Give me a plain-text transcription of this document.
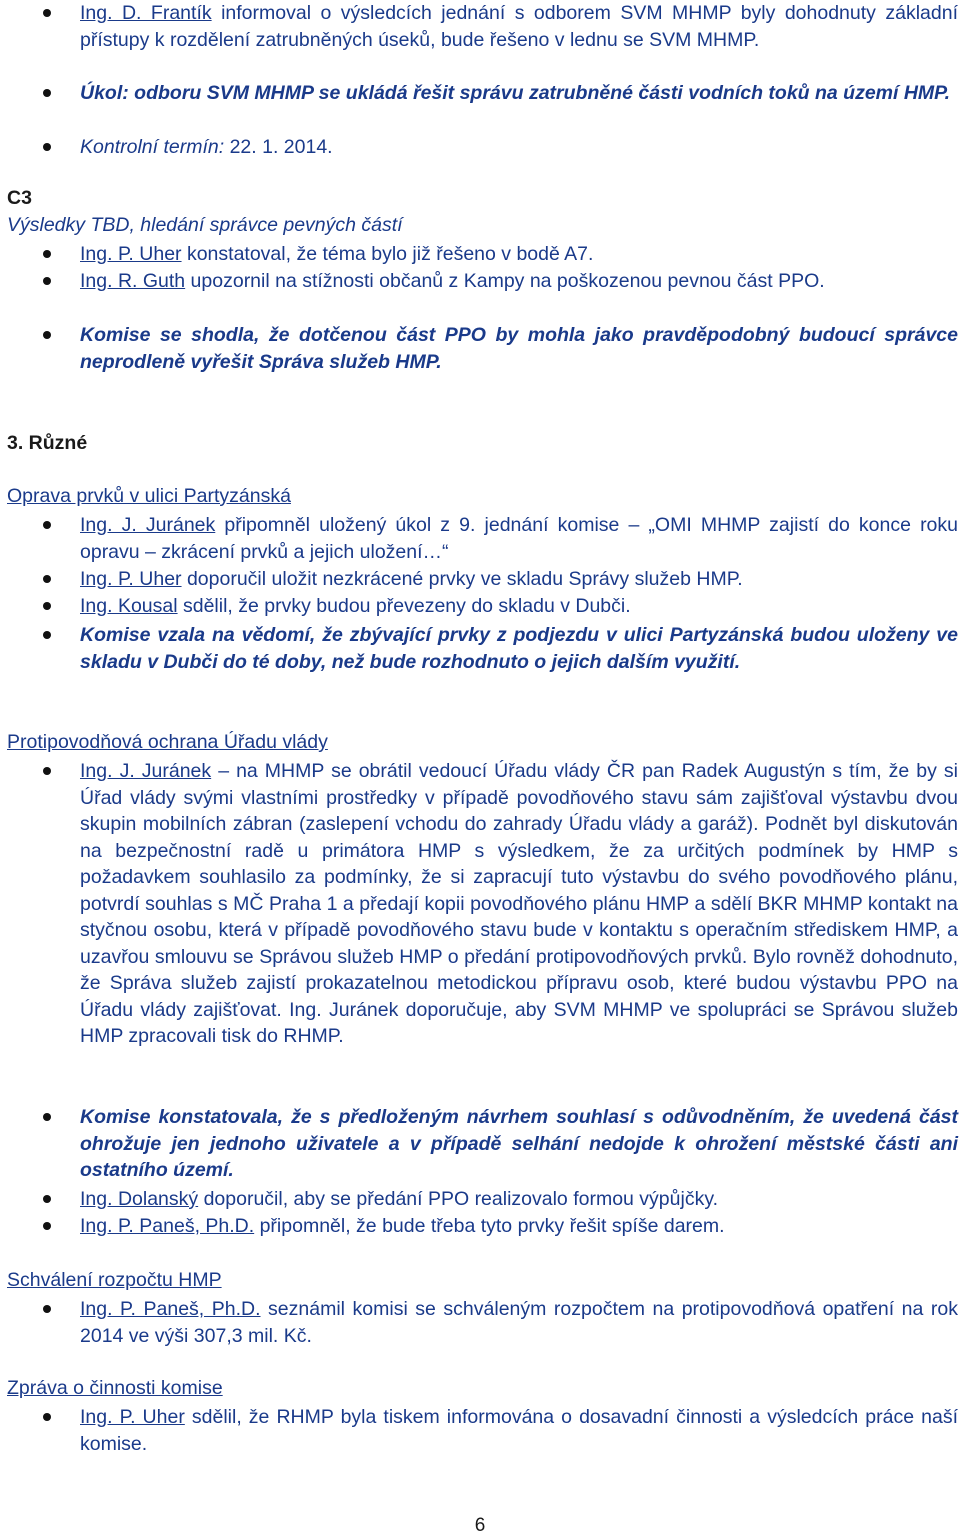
Ing. D. Frantík informoval o výsledcích jednání s odborem SVM MHMP byly dohodnuty základní přístupy k rozdělení zatrubněných úseků, bude řešeno v lednu se SVM MHMP.
Úkol: odboru SVM MHMP se ukládá řešit správu zatrubněné části vodních toků na území HMP.
Kontrolní termín: 22. 1. 2014.
C3
Výsledky TBD, hledání správce pevných částí
Ing. P. Uher konstatoval, že téma bylo již řešeno v bodě A7.
Ing. R. Guth upozornil na stížnosti občanů z Kampy na poškozenou pevnou část PPO.
Komise se shodla, že dotčenou část PPO by mohla jako pravděpodobný budoucí správce neprodleně vyřešit Správa služeb HMP.
3. Různé
Oprava prvků v ulici Partyzánská
Ing. J. Juránek připomněl uložený úkol z 9. jednání komise – „OMI MHMP zajistí do konce roku opravu – zkrácení prvků a jejich uložení…“
Ing. P. Uher doporučil uložit nezkrácené prvky ve skladu Správy služeb HMP.
Ing. Kousal sdělil, že prvky budou převezeny do skladu v Dubči.
Komise vzala na vědomí, že zbývající prvky z podjezdu v ulici Partyzánská budou uloženy ve skladu v Dubči do té doby, než bude rozhodnuto o jejich dalším využití.
Protipovodňová ochrana Úřadu vlády
Ing. J. Juránek – na MHMP se obrátil vedoucí Úřadu vlády ČR pan Radek Augustýn s tím, že by si Úřad vlády svými vlastními prostředky v případě povodňového stavu sám zajišťoval výstavbu dvou skupin mobilních zábran (zaslepení vchodu do zahrady Úřadu vlády a garáž). Podnět byl diskutován na bezpečnostní radě u primátora HMP s výsledkem, že za určitých podmínek by HMP s požadavkem souhlasilo za podmínky, že si zapracují tuto výstavbu do svého povodňového plánu, potvrdí souhlas s MČ Praha 1 a předají kopii povodňového plánu HMP a sdělí BKR MHMP kontakt na styčnou osobu, která v případě povodňového stavu bude v kontaktu s operačním střediskem HMP, a uzavřou smlouvu se Správou služeb HMP o předání protipovodňových prvků. Bylo rovněž dohodnuto, že Správa služeb zajistí prokazatelnou metodickou přípravu osob, které budou výstavbu PPO na Úřadu vlády zajišťovat. Ing. Juránek doporučuje, aby SVM MHMP ve spolupráci se Správou služeb HMP zpracovali tisk do RHMP.
Komise konstatovala, že s předloženým návrhem souhlasí s odůvodněním, že uvedená část ohrožuje jen jednoho uživatele a v případě selhání nedojde k ohrožení městské části ani ostatního území.
Ing. Dolanský doporučil, aby se předání PPO realizovalo formou výpůjčky.
Ing. P. Paneš, Ph.D. připomněl, že bude třeba tyto prvky řešit spíše darem.
Schválení rozpočtu HMP
Ing. P. Paneš, Ph.D. seznámil komisi se schváleným rozpočtem na protipovodňová opatření na rok 2014 ve výši 307,3 mil. Kč.
Zpráva o činnosti komise
Ing. P. Uher sdělil, že RHMP byla tiskem informována o dosavadní činnosti a výsledcích práce naší komise.
6
